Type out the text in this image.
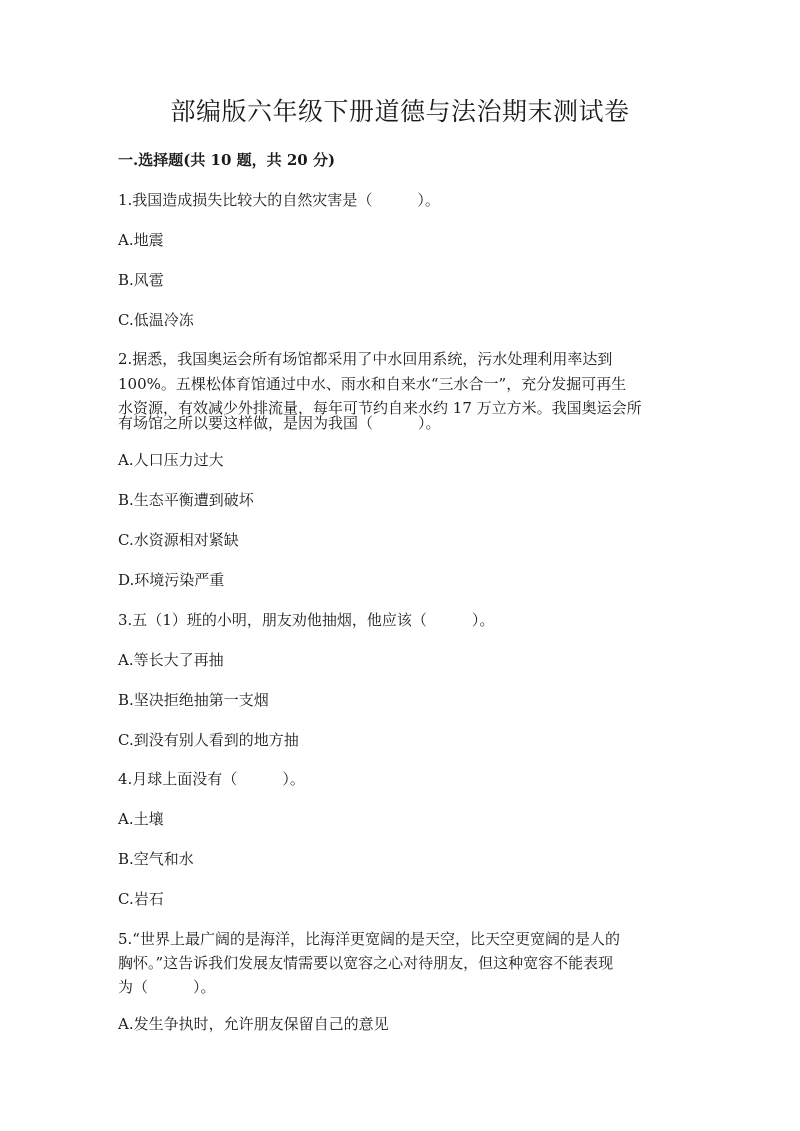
部编版六年级下册道德与法治期末测试卷
一.选择题(共 10 题，共 20 分)
1.我国造成损失比较大的自然灾害是（　　　）。
A.地震
B.风雹
C.低温冷冻
2.据悉，我国奥运会所有场馆都采用了中水回用系统，污水处理利用率达到
100%。五棵松体育馆通过中水、雨水和自来水“三水合一”，充分发掘可再生
水资源，有效减少外排流量，每年可节约自来水约 17 万立方米。我国奥运会所
有场馆之所以要这样做，是因为我国（　　　）。
A.人口压力过大
B.生态平衡遭到破坏
C.水资源相对紧缺
D.环境污染严重
3.五（1）班的小明，朋友劝他抽烟，他应该（　　　）。
A.等长大了再抽
B.坚决拒绝抽第一支烟
C.到没有别人看到的地方抽
4.月球上面没有（　　　）。
A.土壤
B.空气和水
C.岩石
5.“世界上最广阔的是海洋，比海洋更宽阔的是天空，比天空更宽阔的是人的
胸怀。”这告诉我们发展友情需要以宽容之心对待朋友，但这种宽容不能表现
为（　　　）。
A.发生争执时，允许朋友保留自己的意见
